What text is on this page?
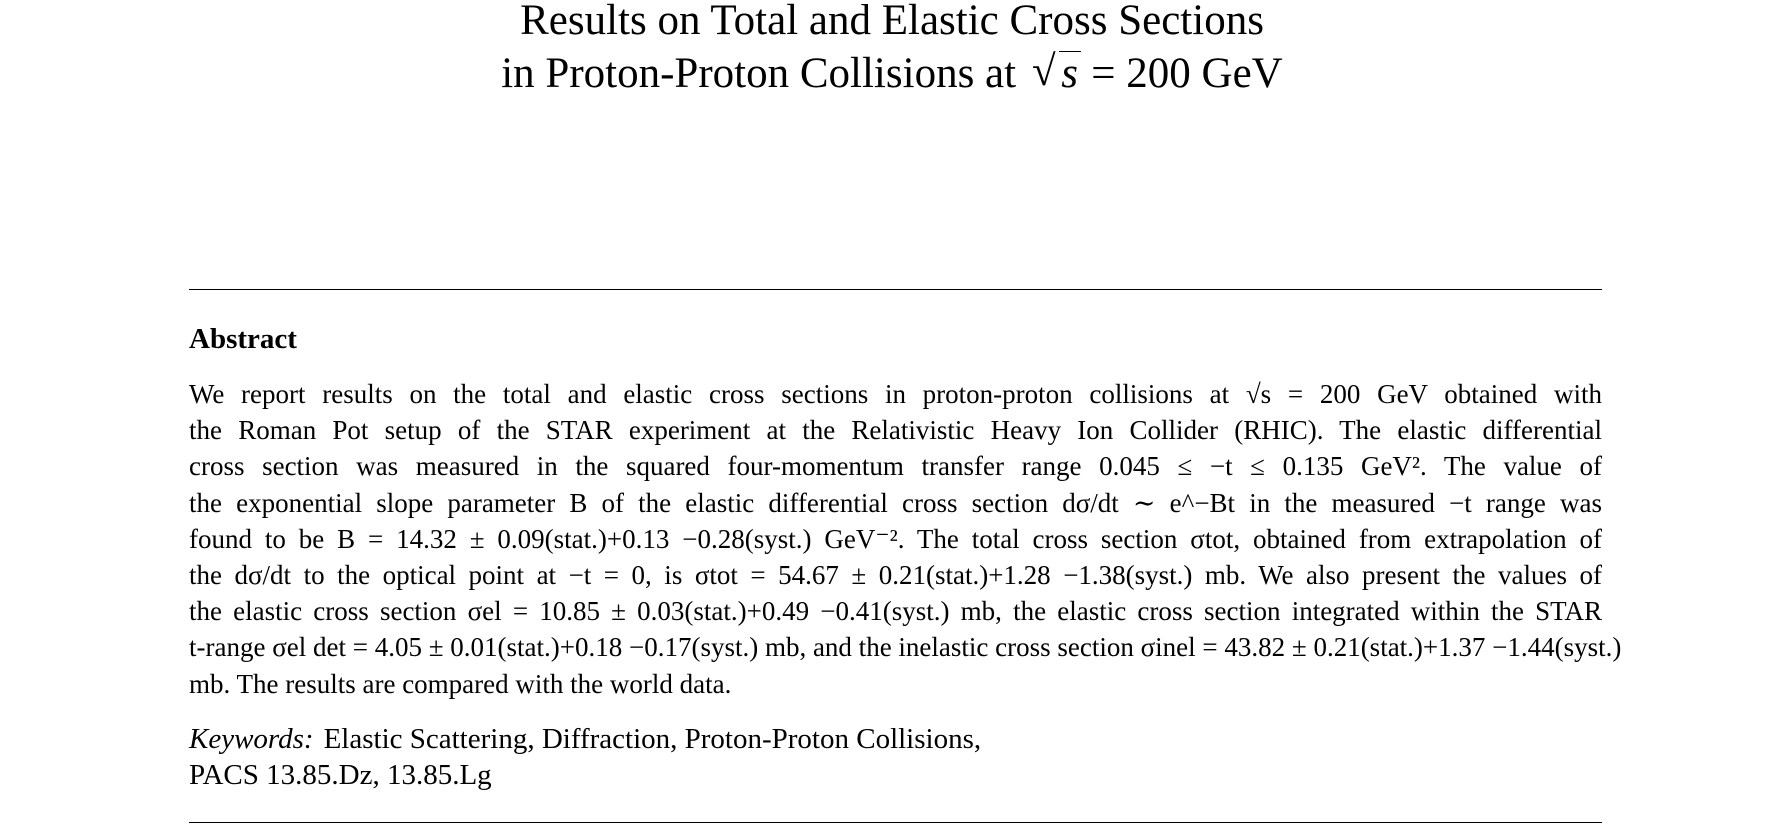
Results on Total and Elastic Cross Sections
in Proton-Proton Collisions at √ s = 200 GeV
Abstract
We report results on the total and elastic cross sections in proton-proton collisions at √s = 200 GeV obtained with
the Roman Pot setup of the STAR experiment at the Relativistic Heavy Ion Collider (RHIC). The elastic differential
cross section was measured in the squared four-momentum transfer range 0.045 ≤ −t ≤ 0.135 GeV². The value of
the exponential slope parameter B of the elastic differential cross section dσ/dt ∼ e^−Bt in the measured −t range was
found to be B = 14.32 ± 0.09(stat.)+0.13 −0.28(syst.) GeV⁻². The total cross section σtot, obtained from extrapolation of
the dσ/dt to the optical point at −t = 0, is σtot = 54.67 ± 0.21(stat.)+1.28 −1.38(syst.) mb. We also present the values of
the elastic cross section σel = 10.85 ± 0.03(stat.)+0.49 −0.41(syst.) mb, the elastic cross section integrated within the STAR
t-range σel det = 4.05 ± 0.01(stat.)+0.18 −0.17(syst.) mb, and the inelastic cross section σinel = 43.82 ± 0.21(stat.)+1.37 −1.44(syst.)
mb. The results are compared with the world data.
Keywords: Elastic Scattering, Diffraction, Proton-Proton Collisions,
PACS 13.85.Dz, 13.85.Lg
